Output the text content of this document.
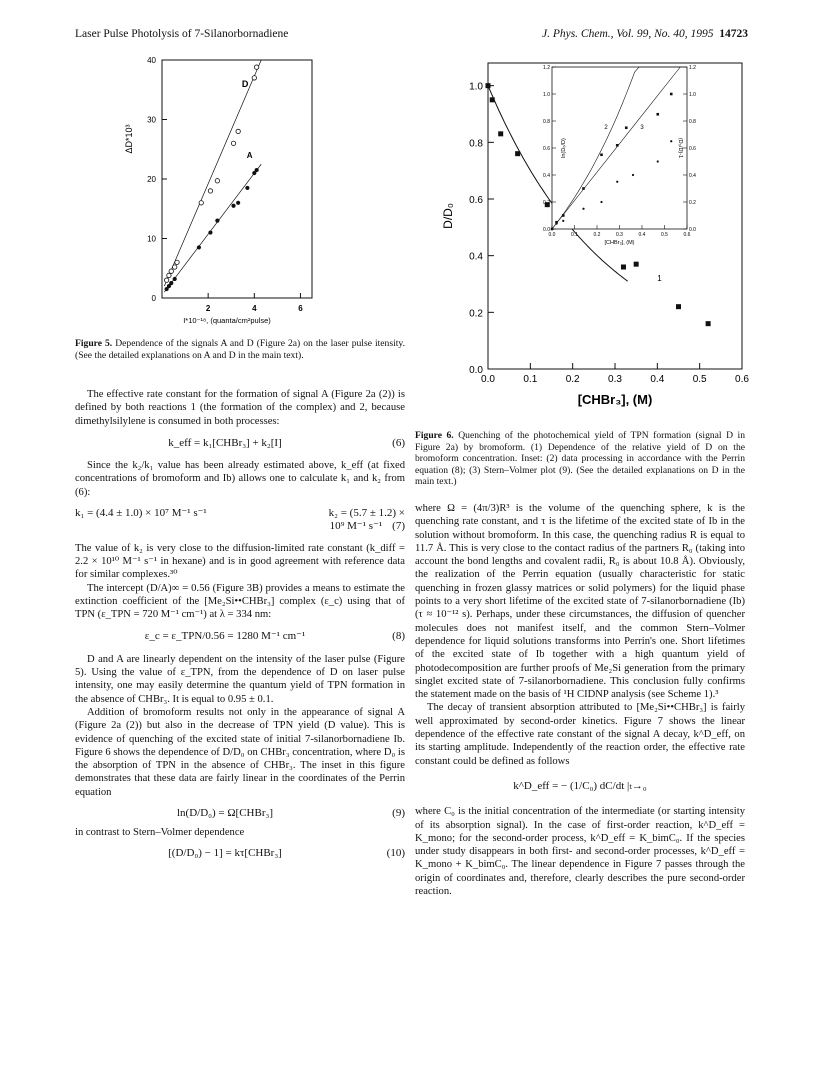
Laser Pulse Photolysis of 7-Silanorbornadiene	J. Phys. Chem., Vol. 99, No. 40, 1995 14723
0
10
20
30
40
2	4	6
I*10⁻¹⁸, (quanta/cm²pulse)
ΔD*10³
D
A
Figure 5. Dependence of the signals A and D (Figure 2a) on the laser pulse itensity. (See the detailed explanations on A and D in the main text).

The effective rate constant for the formation of signal A (Figure 2a (2)) is defined by both reactions 1 (the formation of the complex) and 2, because dimethylsilylene is consumed in both processes:

k_eff = k₁[CHBr₃] + k₂[I]	(6)

Since the k₂/k₁ value has been already estimated above, k_eff (at fixed concentrations of bromoform and Ib) allows one to calculate k₁ and k₂ from (6):

k₁ = (4.4 ± 1.0) × 10⁷ M⁻¹ s⁻¹	k₂ = (5.7 ± 1.2) ×
10⁹ M⁻¹ s⁻¹ (7)

The value of k₂ is very close to the diffusion-limited rate constant (k_diff = 2.2 × 10¹⁰ M⁻¹ s⁻¹ in hexane) and is in good agreement with reference data for similar complexes.³⁰

The intercept (D/A)∞ = 0.56 (Figure 3B) provides a means to estimate the extinction coefficient of the [Me₂Si••CHBr₃] complex (ε_c) using that of TPN (ε_TPN = 720 M⁻¹ cm⁻¹) at λ = 334 nm:

ε_c = ε_TPN/0.56 = 1280 M⁻¹ cm⁻¹	(8)

D and A are linearly dependent on the intensity of the laser pulse (Figure 5). Using the value of ε_TPN, from the dependence of D on laser pulse intensity, one may easily determine the quantum yield of TPN formation in the absence of CHBr₃. It is equal to 0.95 ± 0.1.

Addition of bromoform results not only in the appearance of signal A (Figure 2a (2)) but also in the decrease of TPN yield (D value). This is evidence of quenching of the excited state of initial 7-silanorbornadiene Ib. Figure 6 shows the dependence of D/D₀ on CHBr₃ concentration, where D₀ is the absorption of TPN in the absence of CHBr₃. The inset in this figure demonstrates that these data are fairly linear in the coordinates of the Perrin equation

ln(D/D₀) = Ω[CHBr₃]	(9)

in contrast to Stern–Volmer dependence

[(D/D₀) − 1] = kτ[CHBr₃]	(10)
0.0
0.2
0.4
0.6
0.8
1.0
0.0	0.1	0.2	0.3	0.4	0.5	0.6
[CHBr₃], (M)
D/D₀
1
0.0	0.0
0.2	0.2
0.4	0.4
0.6	0.6
0.8	0.8
1.0	1.0
1.2	1.2
0.0	0.1	0.2	0.3	0.4	0.5	0.6
[CHBr₃], (M)
ln(D₀/D)	(D₀/D)-1
2	3
Figure 6. Quenching of the photochemical yield of TPN formation (signal D in Figure 2a) by bromoform. (1) Dependence of the relative yield of D on the bromoform concentration. Inset: (2) data processing in accordance with the Perrin equation (8); (3) Stern–Volmer plot (9). (See the detailed explanations on D in the main text.)

where Ω = (4π/3)R³ is the volume of the quenching sphere, k is the quenching rate constant, and τ is the lifetime of the excited state of Ib in the solution without bromoform. In this case, the quenching radius R is equal to 11.7 Å. This is very close to the contact radius of the partners R₀ (taking into account the bond lengths and covalent radii, R₀ is about 10.8 Å). Obviously, the realization of the Perrin equation (usually characteristic for static quenching in frozen glassy matrices or solid polymers) for the liquid phase points to a very short lifetime of the excited state of 7-silanorbornadiene (Ib) (τ ≈ 10⁻¹² s). Perhaps, under these circumstances, the diffusion of quencher molecules does not manifest itself, and the common Stern–Volmer dependence for liquid solutions transforms into Perrin's one. Short lifetimes of the excited state of Ib together with a high quantum yield of photodecomposition are further proofs of Me₂Si generation from the primary singlet excited state of 7-silanorbornadiene. This conclusion fully confirms the statement made on the basis of ¹H CIDNP analysis (see Scheme 1).³

The decay of transient absorption attributed to [Me₂Si••CHBr₃] is fairly well approximated by second-order kinetics. Figure 7 shows the linear dependence of the effective rate constant of the signal A decay, k^D_eff, on its starting amplitude. Independently of the reaction order, the effective rate constant could be defined as follows

k^D_eff = − (1/C₀) dC/dt |ₜ→₀

where C₀ is the initial concentration of the intermediate (or starting intensity of its absorption signal). In the case of first-order reaction, k^D_eff = K_mono; for the second-order process, k^D_eff = K_bimC₀. If the species under study disappears in both first- and second-order processes, k^D_eff = K_mono + K_bimC₀. The linear dependence in Figure 7 passes through the origin of coordinates and, therefore, clearly describes the pure second-order reaction.
